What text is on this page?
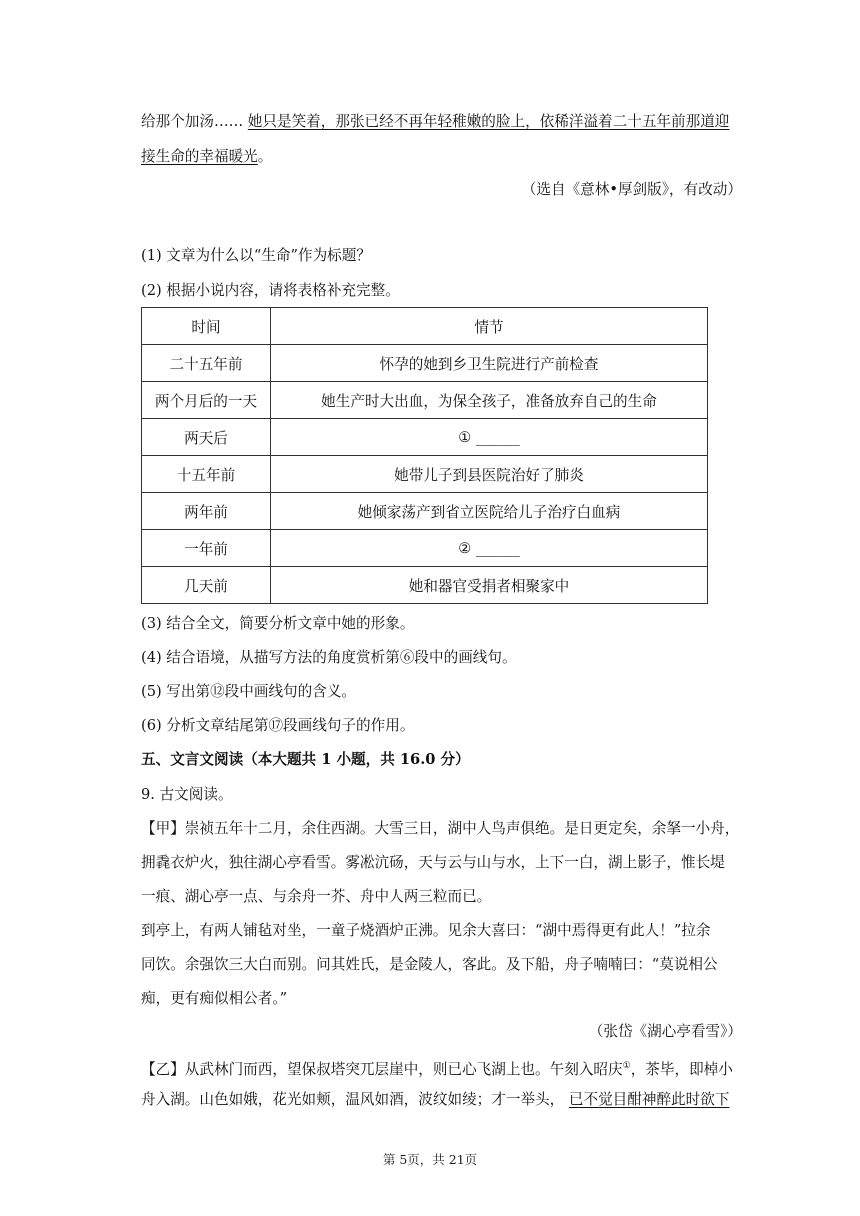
给那个加汤…… 她只是笑着，那张已经不再年轻稚嫩的脸上，依稀洋溢着二十五年前那道迎
接生命的幸福暖光。
（选自《意林•厚剑版》，有改动）
(1) 文章为什么以“生命”作为标题？
(2) 根据小说内容，请将表格补充完整。
时间	情节
二十五年前	怀孕的她到乡卫生院进行产前检查
两个月后的一天	她生产时大出血，为保全孩子，准备放弃自己的生命
两天后	① ______
十五年前	她带儿子到县医院治好了肺炎
两年前	她倾家荡产到省立医院给儿子治疗白血病
一年前	② ______
几天前	她和器官受捐者相聚家中
(3) 结合全文，简要分析文章中她的形象。
(4) 结合语境，从描写方法的角度赏析第⑥段中的画线句。
(5) 写出第⑫段中画线句的含义。
(6) 分析文章结尾第⑰段画线句子的作用。
五、文言文阅读（本大题共 1 小题，共 16.0 分）
9. 古文阅读。
【甲】崇祯五年十二月，余住西湖。大雪三日，湖中人鸟声俱绝。是日更定矣，余拏一小舟，
拥毳衣炉火，独往湖心亭看雪。雾凇沆砀，天与云与山与水，上下一白，湖上影子，惟长堤
一痕、湖心亭一点、与余舟一芥、舟中人两三粒而已。
到亭上，有两人铺毡对坐，一童子烧酒炉正沸。见余大喜曰：“湖中焉得更有此人！”拉余
同饮。余强饮三大白而别。问其姓氏，是金陵人，客此。及下船，舟子喃喃曰：“莫说相公
痴，更有痴似相公者。”
（张岱《湖心亭看雪》）
【乙】从武林门而西，望保叔塔突兀层崖中，则已心飞湖上也。午刻入昭庆①，茶毕，即棹小
舟入湖。山色如娥，花光如颊，温风如酒，波纹如绫；才一举头， 已不觉目酣神醉此时欲下
第 5页，共 21页
